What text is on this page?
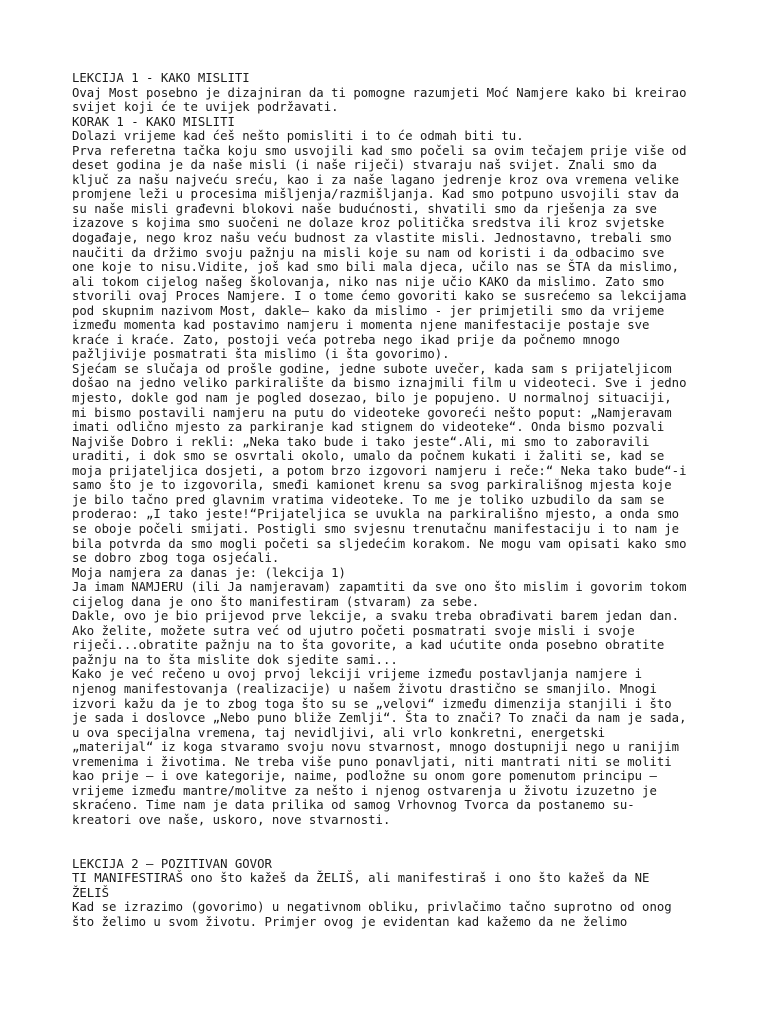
LEKCIJA 1 - KAKO MISLITI
Ovaj Most posebno je dizajniran da ti pomogne razumjeti Moć Namjere kako bi kreirao
svijet koji će te uvijek podržavati.
KORAK 1 - KAKO MISLITI
Dolazi vrijeme kad ćeš nešto pomisliti i to će odmah biti tu.
Prva referetna tačka koju smo usvojili kad smo počeli sa ovim tečajem prije više od
deset godina je da naše misli (i naše riječi) stvaraju naš svijet. Znali smo da
ključ za našu najveću sreću, kao i za naše lagano jedrenje kroz ova vremena velike
promjene leži u procesima mišljenja/razmišljanja. Kad smo potpuno usvojili stav da
su naše misli građevni blokovi naše budućnosti, shvatili smo da rješenja za sve
izazove s kojima smo suočeni ne dolaze kroz politička sredstva ili kroz svjetske
događaje, nego kroz našu veću budnost za vlastite misli. Jednostavno, trebali smo
naučiti da držimo svoju pažnju na misli koje su nam od koristi i da odbacimo sve
one koje to nisu.Vidite, još kad smo bili mala djeca, učilo nas se ŠTA da mislimo,
ali tokom cijelog našeg školovanja, niko nas nije učio KAKO da mislimo. Zato smo
stvorili ovaj Proces Namjere. I o tome ćemo govoriti kako se susrećemo sa lekcijama
pod skupnim nazivom Most, dakle– kako da mislimo - jer primjetili smo da vrijeme
između momenta kad postavimo namjeru i momenta njene manifestacije postaje sve
kraće i kraće. Zato, postoji veća potreba nego ikad prije da počnemo mnogo
pažljivije posmatrati šta mislimo (i šta govorimo).
Sjećam se slučaja od prošle godine, jedne subote uvečer, kada sam s prijateljicom
došao na jedno veliko parkiralište da bismo iznajmili film u videoteci. Sve i jedno
mjesto, dokle god nam je pogled dosezao, bilo je popujeno. U normalnoj situaciji,
mi bismo postavili namjeru na putu do videoteke govoreći nešto poput: „Namjeravam
imati odlično mjesto za parkiranje kad stignem do videoteke“. Onda bismo pozvali
Najviše Dobro i rekli: „Neka tako bude i tako jeste“.Ali, mi smo to zaboravili
uraditi, i dok smo se osvrtali okolo, umalo da počnem kukati i žaliti se, kad se
moja prijateljica dosjeti, a potom brzo izgovori namjeru i reče:“ Neka tako bude“-i
samo što je to izgovorila, smeđi kamionet krenu sa svog parkirališnog mjesta koje
je bilo tačno pred glavnim vratima videoteke. To me je toliko uzbudilo da sam se
proderao: „I tako jeste!“Prijateljica se uvukla na parkirališno mjesto, a onda smo
se oboje počeli smijati. Postigli smo svjesnu trenutačnu manifestaciju i to nam je
bila potvrda da smo mogli početi sa sljedećim korakom. Ne mogu vam opisati kako smo
se dobro zbog toga osjećali.
Moja namjera za danas je: (lekcija 1)
Ja imam NAMJERU (ili Ja namjeravam) zapamtiti da sve ono što mislim i govorim tokom
cijelog dana je ono što manifestiram (stvaram) za sebe.
Dakle, ovo je bio prijevod prve lekcije, a svaku treba obrađivati barem jedan dan.
Ako želite, možete sutra već od ujutro početi posmatrati svoje misli i svoje
riječi...obratite pažnju na to šta govorite, a kad ućutite onda posebno obratite
pažnju na to šta mislite dok sjedite sami...
Kako je već rečeno u ovoj prvoj lekciji vrijeme između postavljanja namjere i
njenog manifestovanja (realizacije) u našem životu drastično se smanjilo. Mnogi
izvori kažu da je to zbog toga što su se „velovi“ između dimenzija stanjili i što
je sada i doslovce „Nebo puno bliže Zemlji“. Šta to znači? To znači da nam je sada,
u ova specijalna vremena, taj nevidljivi, ali vrlo konkretni, energetski
„materijal“ iz koga stvaramo svoju novu stvarnost, mnogo dostupniji nego u ranijim
vremenima i životima. Ne treba više puno ponavljati, niti mantrati niti se moliti
kao prije – i ove kategorije, naime, podložne su onom gore pomenutom principu –
vrijeme između mantre/molitve za nešto i njenog ostvarenja u životu izuzetno je
skraćeno. Time nam je data prilika od samog Vrhovnog Tvorca da postanemo su-
kreatori ove naše, uskoro, nove stvarnosti.
LEKCIJA 2 – POZITIVAN GOVOR
TI MANIFESTIRAŠ ono što kažeš da ŽELIŠ, ali manifestiraš i ono što kažeš da NE
ŽELIŠ
Kad se izrazimo (govorimo) u negativnom obliku, privlačimo tačno suprotno od onog
što želimo u svom životu. Primjer ovog je evidentan kad kažemo da ne želimo
